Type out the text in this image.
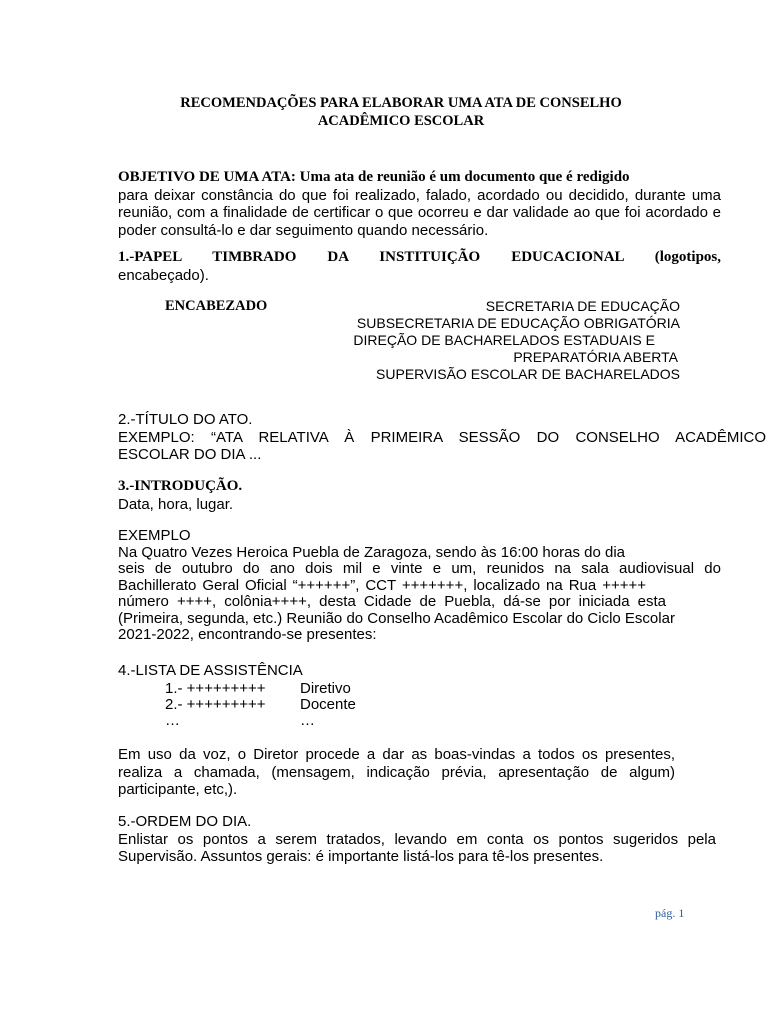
RECOMENDAÇÕES PARA ELABORAR UMA ATA DE CONSELHO
ACADÊMICO ESCOLAR
OBJETIVO DE UMA ATA: Uma ata de reunião é um documento que é redigido
para deixar constância do que foi realizado, falado, acordado ou decidido, durante uma reunião, com a finalidade de certificar o que ocorreu e dar validade ao que foi acordado e poder consultá-lo e dar seguimento quando necessário.
1.-PAPEL TIMBRADO DA INSTITUIÇÃO EDUCACIONAL (logotipos,
encabeçado).
ENCABEZADO	SECRETARIA DE EDUCAÇÃO
SUBSECRETARIA DE EDUCAÇÃO OBRIGATÓRIA
DIREÇÃO DE BACHARELADOS ESTADUAIS E
PREPARATÓRIA ABERTA
SUPERVISÃO ESCOLAR DE BACHARELADOS
2.-TÍTULO DO ATO.
EXEMPLO: “ATA RELATIVA À PRIMEIRA SESSÃO DO CONSELHO ACADÊMICO
ESCOLAR DO DIA ...
3.-INTRODUÇÃO.
Data, hora, lugar.
EXEMPLO
Na Quatro Vezes Heroica Puebla de Zaragoza, sendo às 16:00 horas do dia
seis de outubro do ano dois mil e vinte e um, reunidos na sala audiovisual do
Bachillerato Geral Oficial “++++++”, CCT +++++++, localizado na Rua +++++
número ++++, colônia++++, desta Cidade de Puebla, dá-se por iniciada esta
(Primeira, segunda, etc.) Reunião do Conselho Acadêmico Escolar do Ciclo Escolar
2021-2022, encontrando-se presentes:
4.-LISTA DE ASSISTÊNCIA
1.- +++++++++ Diretivo
2.- +++++++++ Docente
…	…
Em uso da voz, o Diretor procede a dar as boas-vindas a todos os presentes,
realiza a chamada, (mensagem, indicação prévia, apresentação de algum)
participante, etc,).
5.-ORDEM DO DIA.
Enlistar os pontos a serem tratados, levando em conta os pontos sugeridos pela
Supervisão. Assuntos gerais: é importante listá-los para tê-los presentes.
pág. 1
